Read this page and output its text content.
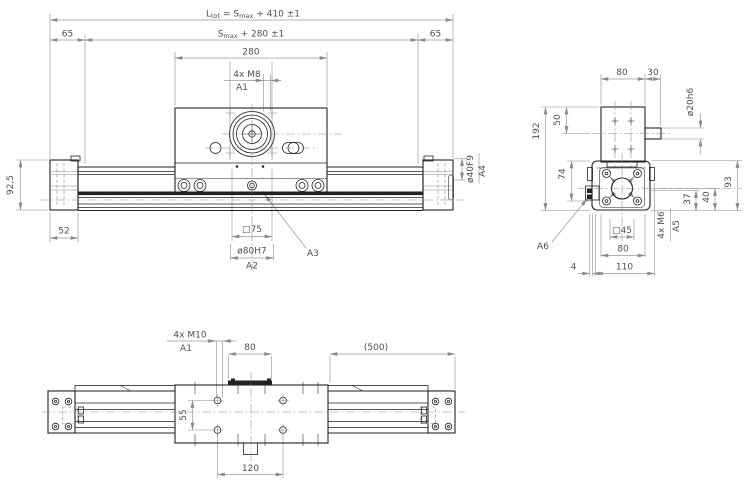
Ltot = Smax + 410 ±1
Smax + 280 ±1
65	65
280
4x M8
A1
92,5
52	□75
ø80H7
A2
A3
ø40F9 A4
80 30
ø20h6
50
192
74
93
37 40
4x M6 A5
A6
□45
80
110
4
4x M10
A1	80	(500)
55
120
